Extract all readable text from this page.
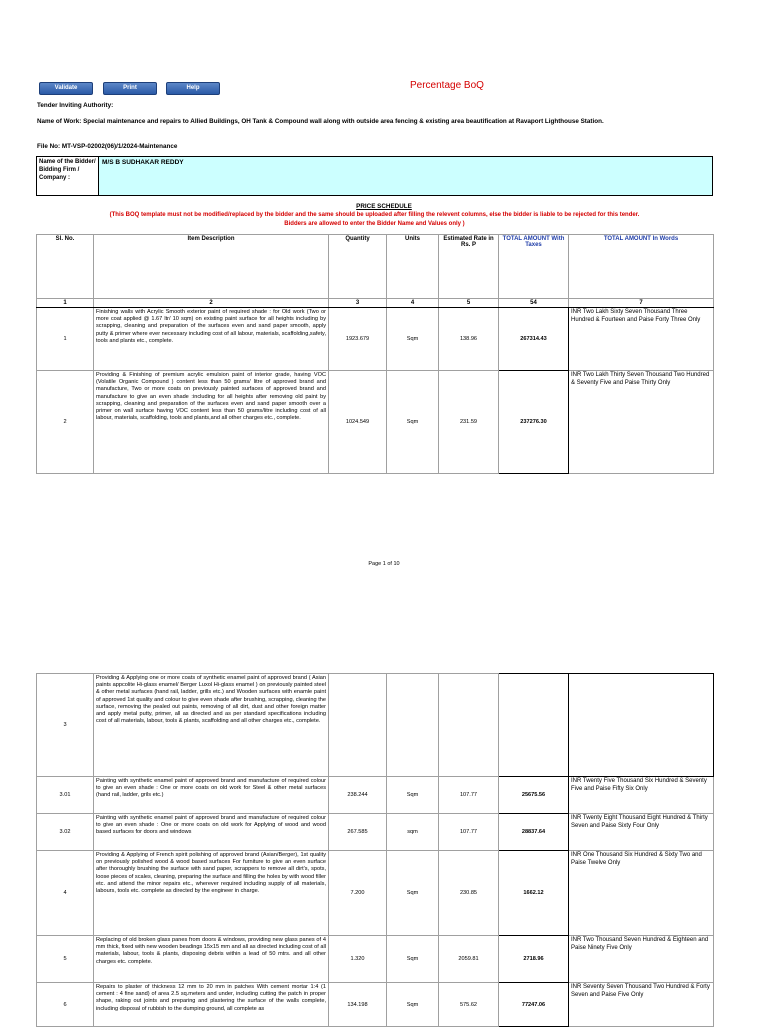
Validate	Print	Help	Percentage BoQ
Tender Inviting Authority:
Name of Work: Special maintenance and repairs to Allied Buildings, OH Tank & Compound wall along with outside area fencing & existing area beautification at Ravaport Lighthouse Station.
File No: MT-VSP-02002(06)/1/2024-Maintenance
Name of the Bidder/ Bidding Firm / Company :
M/S B SUDHAKAR REDDY
PRICE SCHEDULE
(This BOQ template must not be modified/replaced by the bidder and the same should be uploaded after filling the relevent columns, else the bidder is liable to be rejected for this tender.
Bidders are allowed to enter the Bidder Name and Values only )
Sl. No.	Item Description	Quantity	Units	Estimated Rate in Rs. P	TOTAL AMOUNT With Taxes	TOTAL AMOUNT In Words
1	2	3	4	5	54	7
1	Finishing walls with Acrylic Smooth exterior paint of required shade : for Old work (Two or more coat applied @ 1.67 ltr/ 10 sqm) on existing paint surface for all heights including by scrapping, cleaning and preparation of the surfaces even and sand paper smooth, apply putty & primer where ever necessary including cost of all labour, materials, scaffolding,safety, tools and plants etc., complete.	1923.679	Sqm	138.96	267314.43	INR Two Lakh Sixty Seven Thousand Three Hundred & Fourteen and Paise Forty Three Only
2	Providing & Finishing of premium acrylic emulsion paint of interior grade, having VOC (Volatile Organic Compound ) content less than 50 grams/ litre of approved brand and manufacture, Two or more coats on previously painted surfaces of approved brand and manufacture to give an even shade :including for all heights after removing old paint by scrapping, cleaning and preparation of the surfaces even and sand paper smooth over a primer on wall surface having VOC content less than 50 grams/litre including cost of all labour, materials, scaffolding, tools and plants,and all other charges etc., complete.	1024.549	Sqm	231.59	237276.30	INR Two Lakh Thirty Seven Thousand Two Hundred & Seventy Five and Paise Thirty Only
Page 1 of 10
3	Providing & Applying one or more coats of synthetic enamel paint of approved brand ( Asian paints appcolite Hi-glass enamel/ Berger Luxol Hi-glass enamel ) on previously painted steel & other metal surfaces (hand rail, ladder, grills etc.) and Wooden surfaces with enamle paint of approved 1st quality and colour to give even shade after brushing, scrapping, cleaning the surface, removing the pealed out paints, removing of all dirt, dust and other foreign matter and apply metal putty, primer, all as directed and as per standard specifications including cost of all materials, labour, tools & plants, scaffolding and all other charges etc., complete.					
3.01	Painting with synthetic enamel paint of approved brand and manufacture of required colour to give an even shade : One or more coats on old work for Steel & other metal surfaces (hand rail, ladder, grils etc.)	238.244	Sqm	107.77	25675.56	INR Twenty Five Thousand Six Hundred & Seventy Five and Paise Fifty Six Only
3.02	Painting with synthetic enamel paint of approved brand and manufacture of required colour to give an even shade : One or more coats on old work for Applying of wood and wood based surfaces for doors and windows	267.585	sqm	107.77	28837.64	INR Twenty Eight Thousand Eight Hundred & Thirty Seven and Paise Sixty Four Only
4	Providing & Applying of French spirit polishing of approved brand (Asian/Berger), 1st quality on previously polished wood & wood based surfaces For furniture to give an even surface after thoroughly brushing the surface with sand paper, scrappers to remove all dirt's, spots, loose pieces of scales, cleaning, preparing the surface and filling the holes by with wood filler etc. and attend the minor repairs etc., wherever required including supply of all materials, labours, tools etc. complete as directed by the engineer in charge.	7.200	Sqm	230.85	1662.12	INR One Thousand Six Hundred & Sixty Two and Paise Twelve Only
5	Replacing of old broken glass panes from doors & windows, providing new glass panes of 4 mm thick, fixed with new wooden beadings 15x15 mm and all as directed including cost of all materials, labour, tools & plants, disposing debris within a lead of 50 mtrs. and all other charges etc. complete.	1.320	Sqm	2059.81	2718.96	INR Two Thousand Seven Hundred & Eighteen and Paise Ninety Five Only
6	Repairs to plaster of thickness 12 mm to 20 mm in patches With cement mortar 1:4 (1 cement : 4 fine sand) of area 2.5 sq.meters and under, including cutting the patch in proper shape, raking out joints and preparing and plastering the surface of the walls complete, including disposal of rubbish to the dumping ground, all complete as	134.198	Sqm	575.62	77247.06	INR Seventy Seven Thousand Two Hundred & Forty Seven and Paise Five Only
